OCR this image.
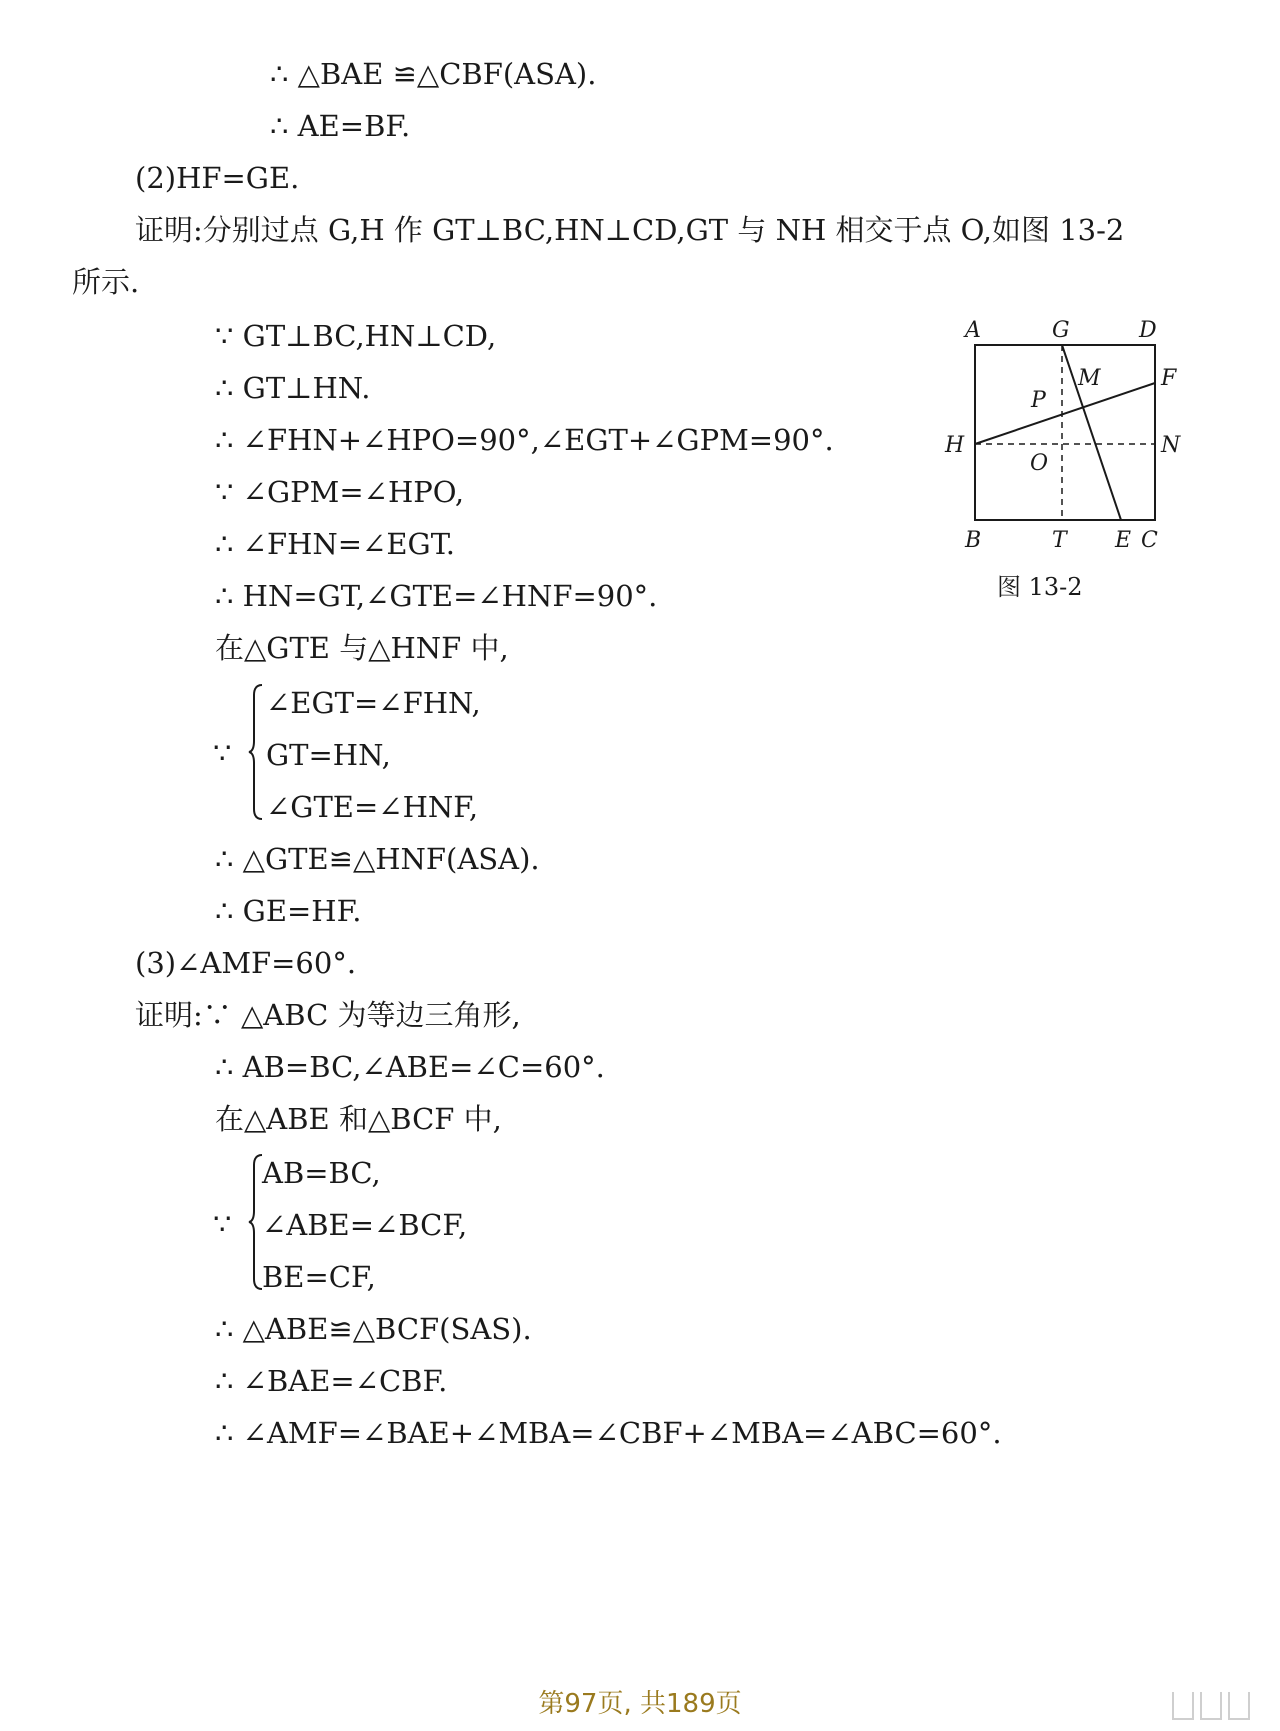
∴ △BAE ≌△CBF(ASA).
∴ AE=BF.
(2)HF=GE.
证明:分别过点 G,H 作 GT⊥BC,HN⊥CD,GT 与 NH 相交于点 O,如图 13-2
所示.
∵ GT⊥BC,HN⊥CD,
∴ GT⊥HN.
∴ ∠FHN+∠HPO=90°,∠EGT+∠GPM=90°.
∵ ∠GPM=∠HPO,
∴ ∠FHN=∠EGT.
∴ HN=GT,∠GTE=∠HNF=90°.
在△GTE 与△HNF 中,
∵
∠EGT=∠FHN,
GT=HN,
∠GTE=∠HNF,
∴ △GTE≌△HNF(ASA).
∴ GE=HF.
(3)∠AMF=60°.
证明:∵ △ABC 为等边三角形,
∴ AB=BC,∠ABE=∠C=60°.
在△ABE 和△BCF 中,
∵
AB=BC,
∠ABE=∠BCF,
BE=CF,
∴ △ABE≌△BCF(SAS).
∴ ∠BAE=∠CBF.
∴ ∠AMF=∠BAE+∠MBA=∠CBF+∠MBA=∠ABC=60°.
A	G	D
F
M
P
H
O
N
B	T E C
图 13-2
第97页, 共189页
